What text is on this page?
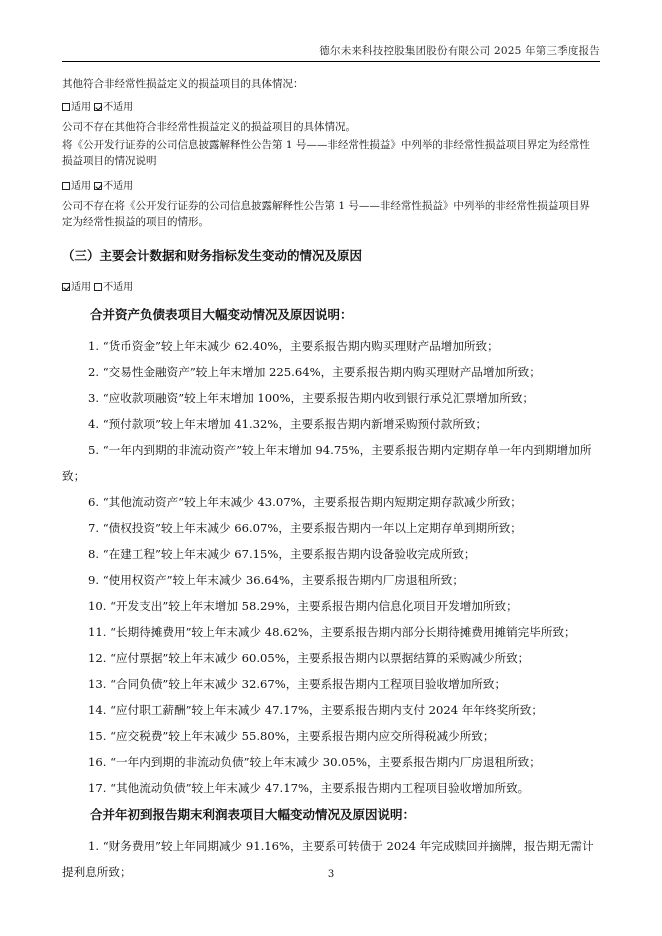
德尔未来科技控股集团股份有限公司 2025 年第三季度报告

其他符合非经常性损益定义的损益项目的具体情况：

适用 不适用

公司不存在其他符合非经常性损益定义的损益项目的具体情况。

将《公开发行证券的公司信息披露解释性公告第 1 号——非经常性损益》中列举的非经常性损益项目界定为经常性损益项目的情况说明

适用 不适用

公司不存在将《公开发行证券的公司信息披露解释性公告第 1 号——非经常性损益》中列举的非经常性损益项目界定为经常性损益的项目的情形。

（三）主要会计数据和财务指标发生变动的情况及原因

适用 不适用

合并资产负债表项目大幅变动情况及原因说明：

1. “货币资金”较上年末减少 62.40%，主要系报告期内购买理财产品增加所致；

2. “交易性金融资产”较上年末增加 225.64%，主要系报告期内购买理财产品增加所致；

3. “应收款项融资”较上年末增加 100%，主要系报告期内收到银行承兑汇票增加所致；

4. “预付款项”较上年末增加 41.32%，主要系报告期内新增采购预付款所致；

5. “一年内到期的非流动资产”较上年末增加 94.75%，主要系报告期内定期存单一年内到期增加所致；

6. “其他流动资产”较上年末减少 43.07%，主要系报告期内短期定期存款减少所致；

7. “债权投资”较上年末减少 66.07%，主要系报告期内一年以上定期存单到期所致；

8. “在建工程”较上年末减少 67.15%，主要系报告期内设备验收完成所致；

9. “使用权资产”较上年末减少 36.64%，主要系报告期内厂房退租所致；

10. “开发支出”较上年末增加 58.29%，主要系报告期内信息化项目开发增加所致；

11. “长期待摊费用”较上年末减少 48.62%，主要系报告期内部分长期待摊费用摊销完毕所致；

12. “应付票据”较上年末减少 60.05%，主要系报告期内以票据结算的采购减少所致；

13. “合同负债”较上年末减少 32.67%，主要系报告期内工程项目验收增加所致；

14. “应付职工薪酬”较上年末减少 47.17%，主要系报告期内支付 2024 年年终奖所致；

15. “应交税费”较上年末减少 55.80%，主要系报告期内应交所得税减少所致；

16. “一年内到期的非流动负债”较上年末减少 30.05%，主要系报告期内厂房退租所致；

17. “其他流动负债”较上年末减少 47.17%，主要系报告期内工程项目验收增加所致。

合并年初到报告期末利润表项目大幅变动情况及原因说明：

1. “财务费用”较上年同期减少 91.16%，主要系可转债于 2024 年完成赎回并摘牌，报告期无需计提利息所致；	3
